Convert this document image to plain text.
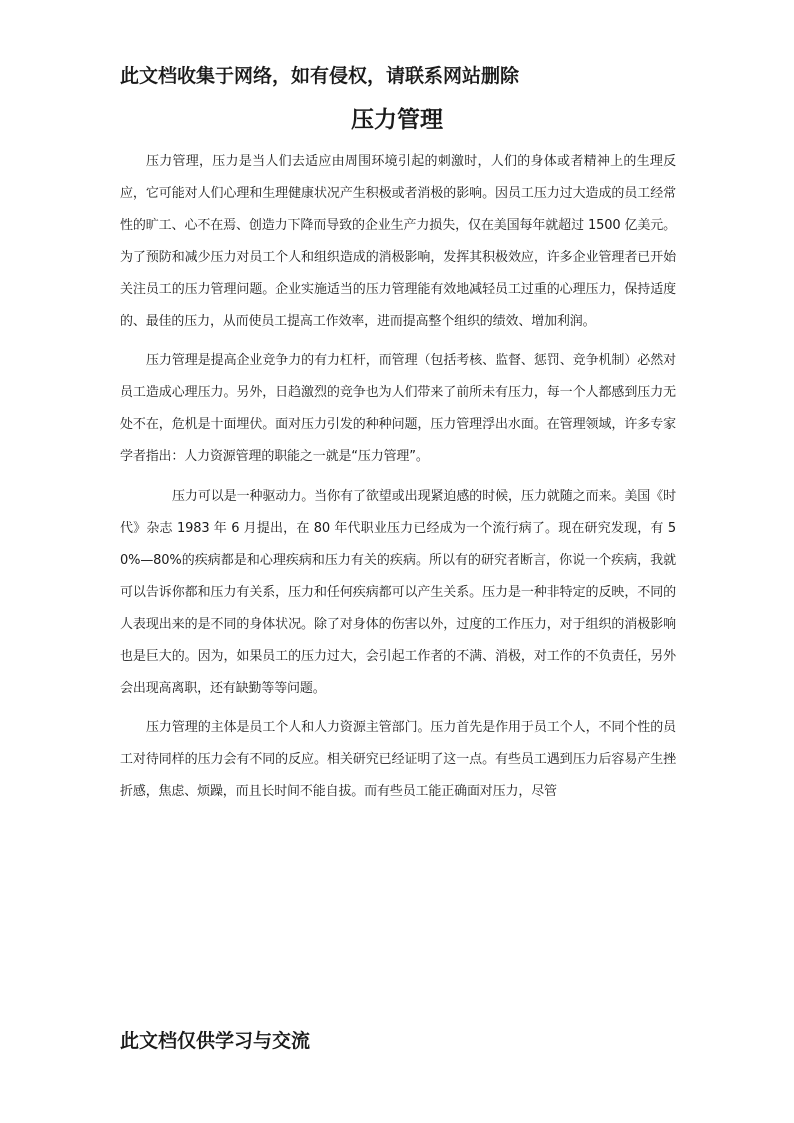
此文档收集于网络，如有侵权，请联系网站删除
压力管理

压力管理，压力是当人们去适应由周围环境引起的刺激时，人们的身体或者精神上的生理反应，它可能对人们心理和生理健康状况产生积极或者消极的影响。因员工压力过大造成的员工经常性的旷工、心不在焉、创造力下降而导致的企业生产力损失，仅在美国每年就超过 1500 亿美元。为了预防和减少压力对员工个人和组织造成的消极影响，发挥其积极效应，许多企业管理者已开始关注员工的压力管理问题。企业实施适当的压力管理能有效地减轻员工过重的心理压力，保持适度的、最佳的压力，从而使员工提高工作效率，进而提高整个组织的绩效、增加利润。

压力管理是提高企业竞争力的有力杠杆，而管理（包括考核、监督、惩罚、竞争机制）必然对员工造成心理压力。另外，日趋激烈的竞争也为人们带来了前所未有压力，每一个人都感到压力无处不在，危机是十面埋伏。面对压力引发的种种问题，压力管理浮出水面。在管理领域，许多专家学者指出：人力资源管理的职能之一就是“压力管理”。

压力可以是一种驱动力。当你有了欲望或出现紧迫感的时候，压力就随之而来。美国《时代》杂志 1983 年 6 月提出，在 80 年代职业压力已经成为一个流行病了。现在研究发现，有 50%—80%的疾病都是和心理疾病和压力有关的疾病。所以有的研究者断言，你说一个疾病，我就可以告诉你都和压力有关系，压力和任何疾病都可以产生关系。压力是一种非特定的反映，不同的人表现出来的是不同的身体状况。除了对身体的伤害以外，过度的工作压力，对于组织的消极影响也是巨大的。因为，如果员工的压力过大，会引起工作者的不满、消极，对工作的不负责任，另外会出现高离职，还有缺勤等等问题。

压力管理的主体是员工个人和人力资源主管部门。压力首先是作用于员工个人，不同个性的员工对待同样的压力会有不同的反应。相关研究已经证明了这一点。有些员工遇到压力后容易产生挫折感，焦虑、烦躁，而且长时间不能自拔。而有些员工能正确面对压力，尽管

此文档仅供学习与交流
